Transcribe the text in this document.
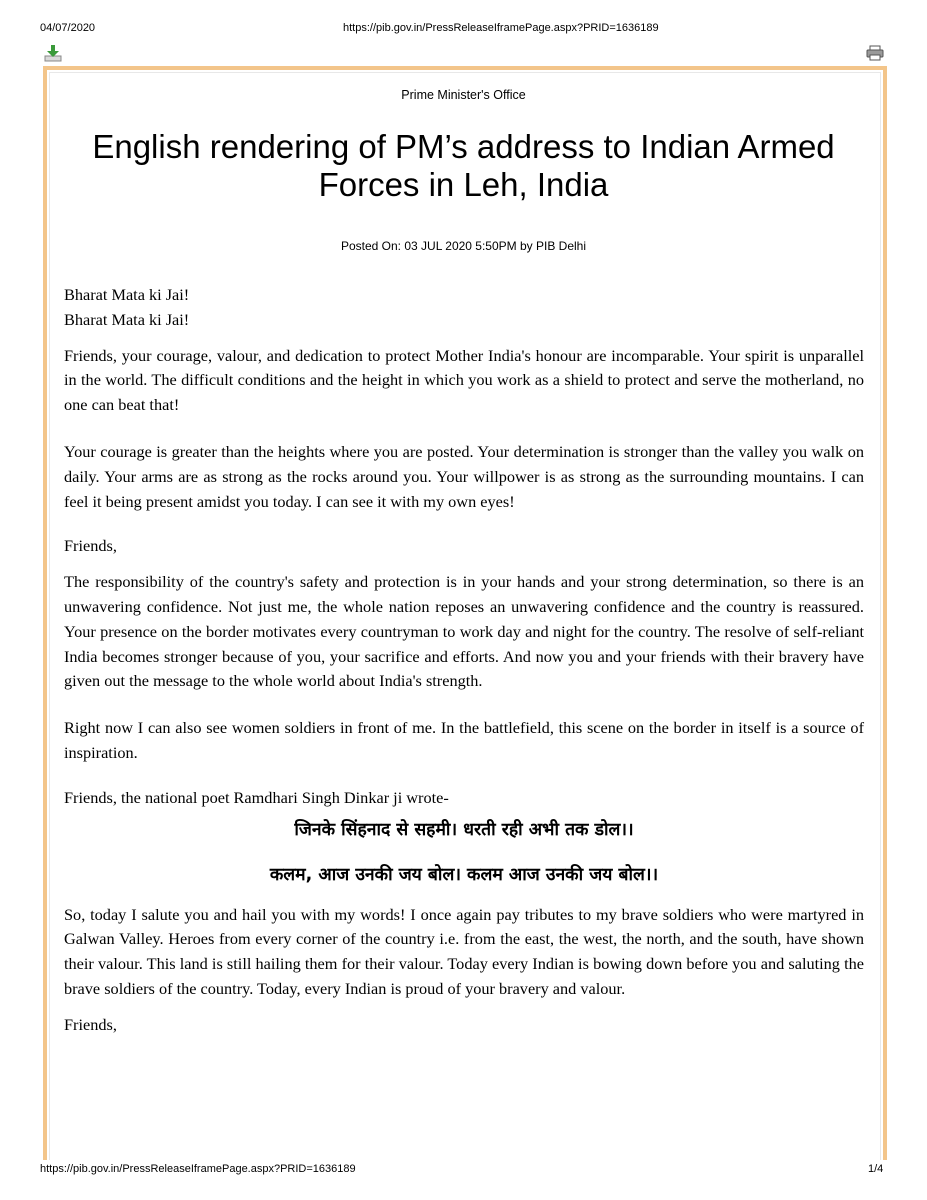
04/07/2020	https://pib.gov.in/PressReleaseIframePage.aspx?PRID=1636189
Prime Minister's Office
English rendering of PM’s address to Indian Armed Forces in Leh, India
Posted On: 03 JUL 2020 5:50PM by PIB Delhi

Bharat Mata ki Jai!

Bharat Mata ki Jai!

Friends, your courage, valour, and dedication to protect Mother India's honour are incomparable. Your spirit is unparallel in the world. The difficult conditions and the height in which you work as a shield to protect and serve the motherland, no one can beat that!

Your courage is greater than the heights where you are posted. Your determination is stronger than the valley you walk on daily. Your arms are as strong as the rocks around you. Your willpower is as strong as the surrounding mountains. I can feel it being present amidst you today. I can see it with my own eyes!

Friends,

The responsibility of the country's safety and protection is in your hands and your strong determination, so there is an unwavering confidence. Not just me, the whole nation reposes an unwavering confidence and the country is reassured. Your presence on the border motivates every countryman to work day and night for the country. The resolve of self-reliant India becomes stronger because of you, your sacrifice and efforts. And now you and your friends with their bravery have given out the message to the whole world about India's strength.

Right now I can also see women soldiers in front of me. In the battlefield, this scene on the border in itself is a source of inspiration.

Friends, the national poet Ramdhari Singh Dinkar ji wrote-

जिनके सिंहनाद से सहमी। धरती रही अभी तक डोल।।

कलम, आज उनकी जय बोल। कलम आज उनकी जय बोल।।

So, today I salute you and hail you with my words! I once again pay tributes to my brave soldiers who were martyred in Galwan Valley. Heroes from every corner of the country i.e. from the east, the west, the north, and the south, have shown their valour. This land is still hailing them for their valour. Today every Indian is bowing down before you and saluting the brave soldiers of the country. Today, every Indian is proud of your bravery and valour.

Friends,

https://pib.gov.in/PressReleaseIframePage.aspx?PRID=1636189	1/4
